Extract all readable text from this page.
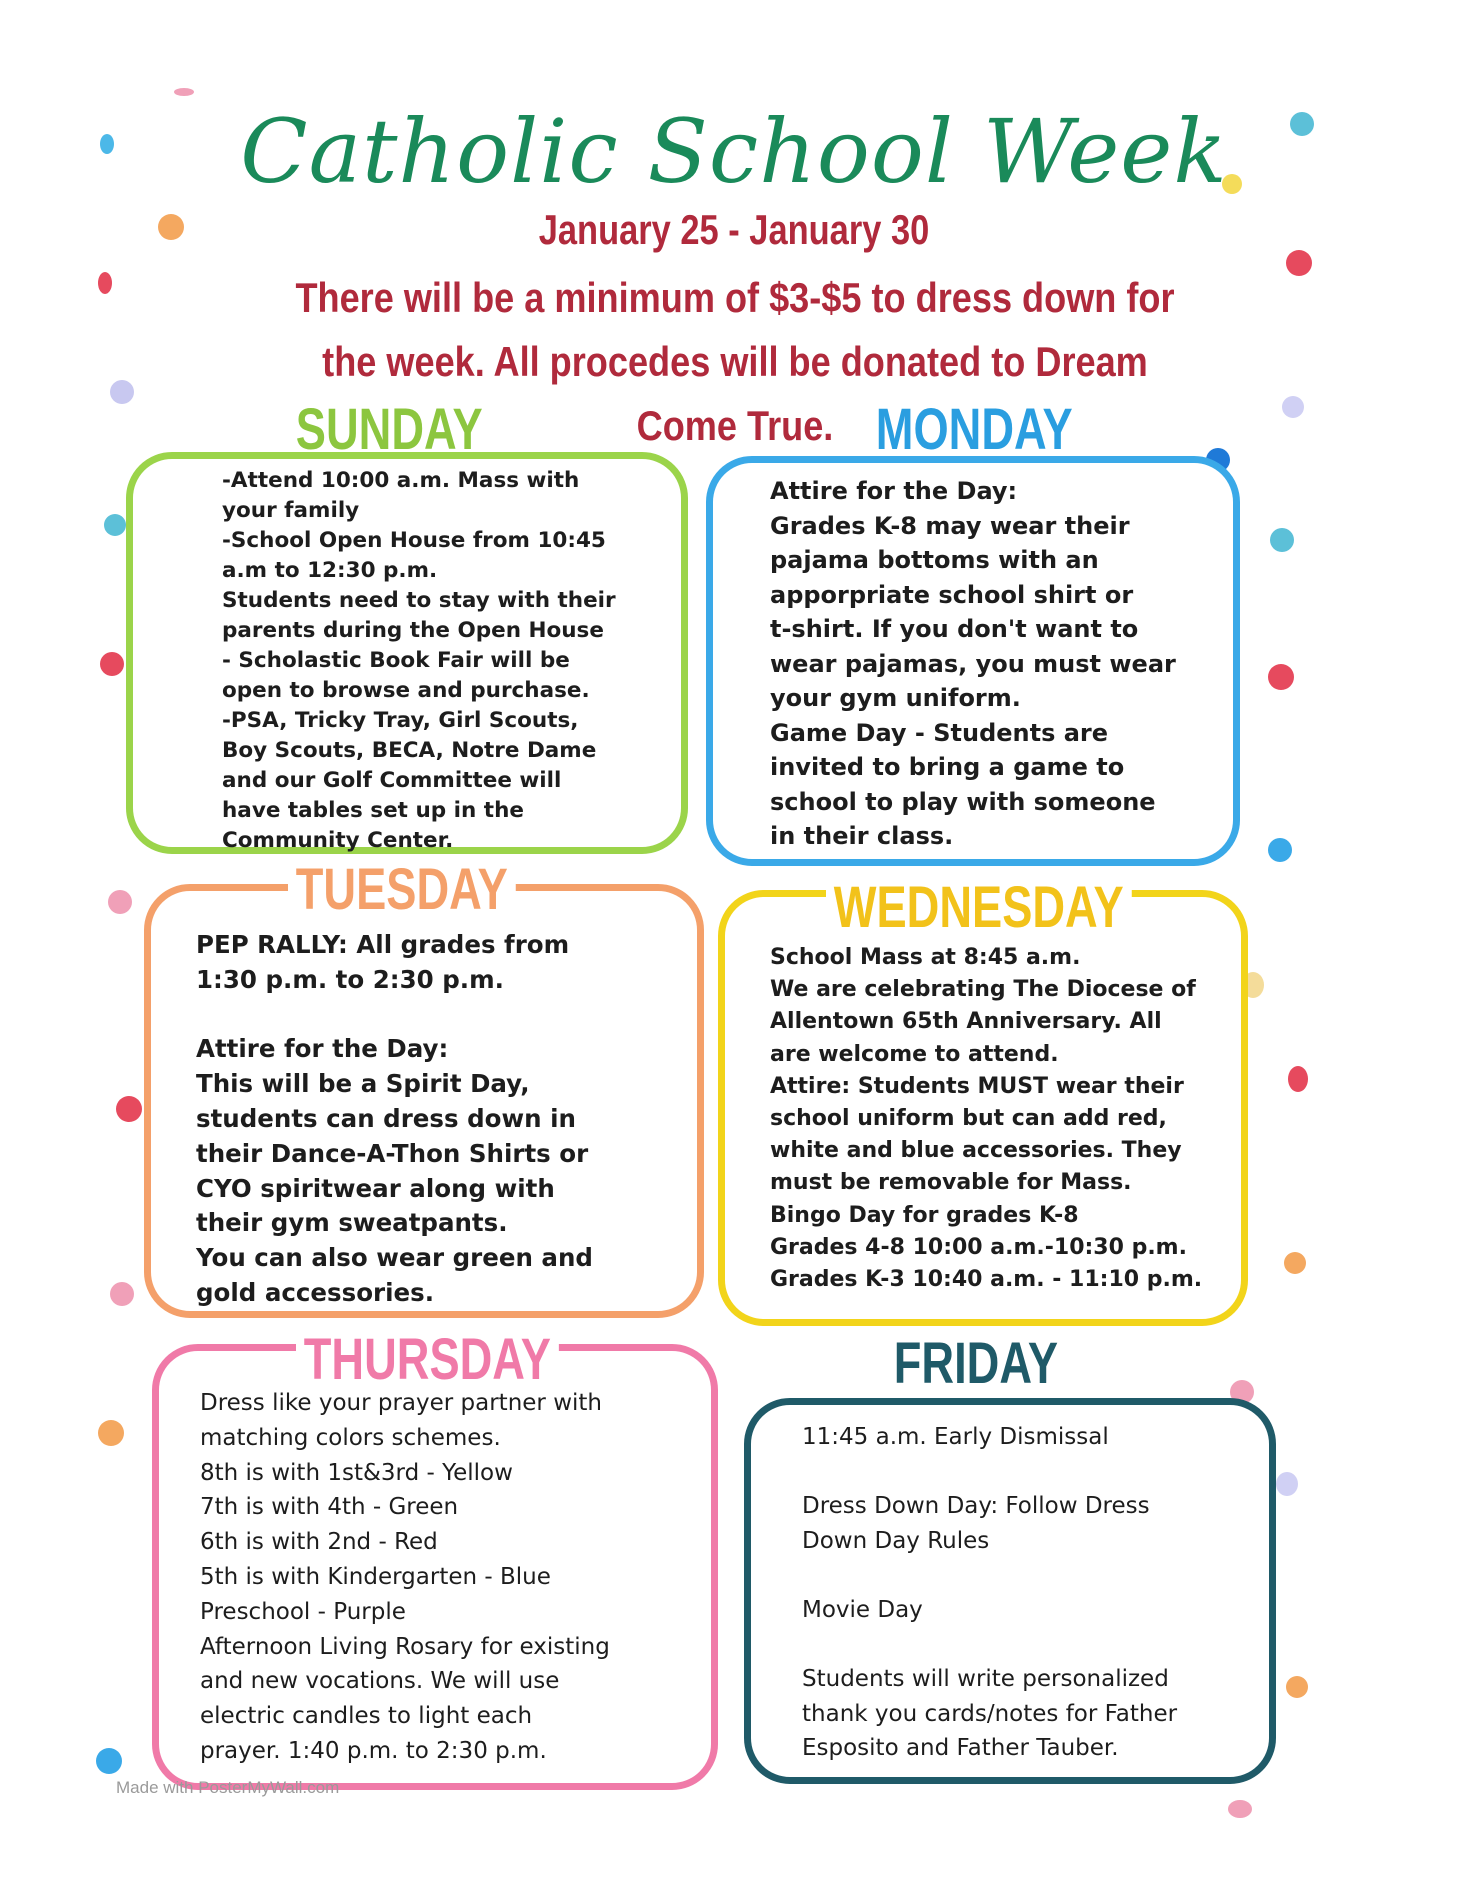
Catholic School Week
January 25 - January 30
There will be a minimum of $3-$5 to dress down for
the week. All procedes will be donated to Dream
Come True.
SUNDAY
-Attend 10:00 a.m. Mass with
your family
-School Open House from 10:45
a.m to 12:30 p.m.
Students need to stay with their
parents during the Open House
- Scholastic Book Fair will be
open to browse and purchase.
-PSA, Tricky Tray, Girl Scouts,
Boy Scouts, BECA, Notre Dame
and our Golf Committee will
have tables set up in the
Community Center.
MONDAY
Attire for the Day:
Grades K-8 may wear their
pajama bottoms with an
apporpriate school shirt or
t-shirt. If you don't want to
wear pajamas, you must wear
your gym uniform.
Game Day - Students are
invited to bring a game to
school to play with someone
in their class.
TUESDAY
PEP RALLY: All grades from
1:30 p.m. to 2:30 p.m.

Attire for the Day:
This will be a Spirit Day,
students can dress down in
their Dance-A-Thon Shirts or
CYO spiritwear along with
their gym sweatpants.
You can also wear green and
gold accessories.
WEDNESDAY
School Mass at 8:45 a.m.
We are celebrating The Diocese of
Allentown 65th Anniversary. All
are welcome to attend.
Attire: Students MUST wear their
school uniform but can add red,
white and blue accessories. They
must be removable for Mass.
Bingo Day for grades K-8
Grades 4-8 10:00 a.m.-10:30 p.m.
Grades K-3 10:40 a.m. - 11:10 p.m.
THURSDAY
Dress like your prayer partner with
matching colors schemes.
8th is with 1st&3rd - Yellow
7th is with 4th - Green
6th is with 2nd - Red
5th is with Kindergarten - Blue
Preschool - Purple
Afternoon Living Rosary for existing
and new vocations. We will use
electric candles to light each
prayer. 1:40 p.m. to 2:30 p.m.
FRIDAY
11:45 a.m. Early Dismissal

Dress Down Day: Follow Dress
Down Day Rules

Movie Day

Students will write personalized
thank you cards/notes for Father
Esposito and Father Tauber.
Made with PosterMyWall.com
